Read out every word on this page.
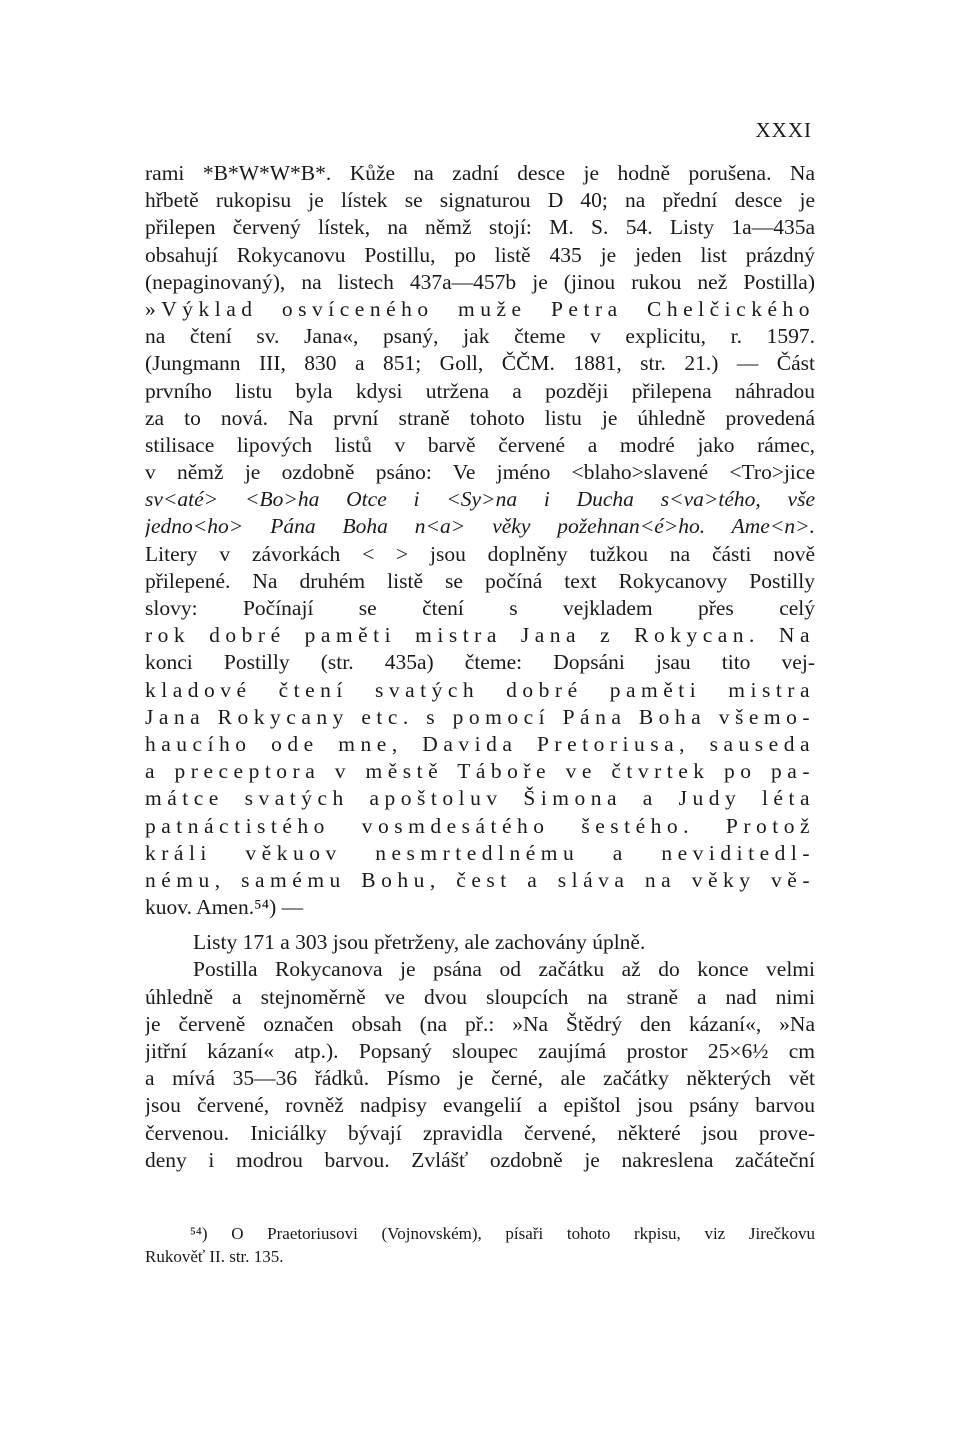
XXXI
rami *B*W*W*B*. Kůže na zadní desce je hodně porušena. Na
hřbetě rukopisu je lístek se signaturou D 40; na přední desce je
přilepen červený lístek, na němž stojí: M. S. 54. Listy 1a—435a
obsahují Rokycanovu Postillu, po listě 435 je jeden list prázdný
(nepaginovaný), na listech 437a—457b je (jinou rukou než Postilla)
»Výklad osvíceného muže Petra Chelčického
na čtení sv. Jana«, psaný, jak čteme v explicitu, r. 1597.
(Jungmann III, 830 a 851; Goll, ČČM. 1881, str. 21.) — Část
prvního listu byla kdysi utržena a později přilepena náhradou
za to nová. Na první straně tohoto listu je úhledně provedená
stilisace lipových listů v barvě červené a modré jako rámec,
v němž je ozdobně psáno: Ve jméno <blaho>slavené <Tro>jice
sv<até> <Bo>ha Otce i <Sy>na i Ducha s<va>tého, vše
jedno<ho> Pána Boha n<a> věky požehnan<é>ho. Ame<n>.
Litery v závorkách < > jsou doplněny tužkou na části nově
přilepené. Na druhém listě se počíná text Rokycanovy Postilly
slovy: Počínají se čtení s vejkladem přes celý
rok dobré paměti mistra Jana z Rokycan. Na
konci Postilly (str. 435a) čteme: Dopsáni jsau tito vej-
kladové čtení svatých dobré paměti mistra
Jana Rokycany etc. s pomocí Pána Boha všemo-
haucího ode mne, Davida Pretoriusa, sauseda
a preceptora v městě Táboře ve čtvrtek po pa-
mátce svatých apoštoluv Šimona a Judy léta
patnáctistého vosmdesátého šestého. Protož
králi věkuov nesmrtedlnému a neviditedl-
nému, samému Bohu, čest a sláva na věky vě-
kuov. Amen.⁵⁴) —
Listy 171 a 303 jsou přetrženy, ale zachovány úplně.
Postilla Rokycanova je psána od začátku až do konce velmi
úhledně a stejnoměrně ve dvou sloupcích na straně a nad nimi
je červeně označen obsah (na př.: »Na Štědrý den kázaní«, »Na
jitřní kázaní« atp.). Popsaný sloupec zaujímá prostor 25×6½ cm
a mívá 35—36 řádků. Písmo je černé, ale začátky některých vět
jsou červené, rovněž nadpisy evangelií a epištol jsou psány barvou
červenou. Iniciálky bývají zpravidla červené, některé jsou prove-
deny i modrou barvou. Zvlášť ozdobně je nakreslena začáteční
⁵⁴) O Praetoriusovi (Vojnovském), písaři tohoto rkpisu, viz Jirečkovu
Rukověť II. str. 135.
